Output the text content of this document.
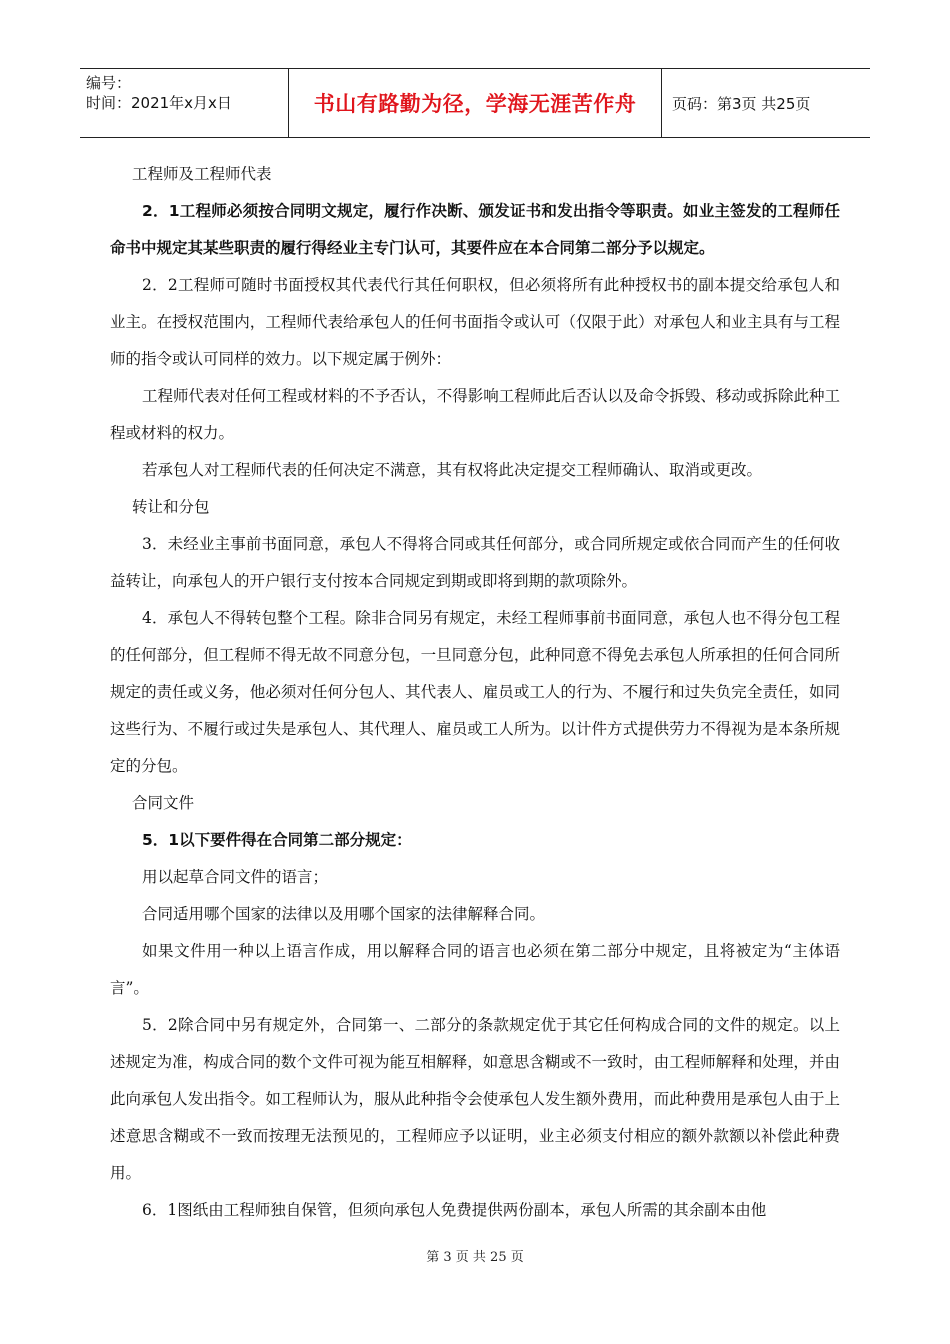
编号：
时间：2021年x月x日	书山有路勤为径，学海无涯苦作舟	页码：第3页 共25页

工程师及工程师代表

2．1工程师必须按合同明文规定，履行作决断、颁发证书和发出指令等职责。如业主签发的工程师任命书中规定其某些职责的履行得经业主专门认可，其要件应在本合同第二部分予以规定。

2．2工程师可随时书面授权其代表代行其任何职权，但必须将所有此种授权书的副本提交给承包人和业主。在授权范围内，工程师代表给承包人的任何书面指令或认可（仅限于此）对承包人和业主具有与工程师的指令或认可同样的效力。以下规定属于例外：

工程师代表对任何工程或材料的不予否认，不得影响工程师此后否认以及命令拆毁、移动或拆除此种工程或材料的权力。

若承包人对工程师代表的任何决定不满意，其有权将此决定提交工程师确认、取消或更改。

转让和分包

3．未经业主事前书面同意，承包人不得将合同或其任何部分，或合同所规定或依合同而产生的任何收益转让，向承包人的开户银行支付按本合同规定到期或即将到期的款项除外。

4．承包人不得转包整个工程。除非合同另有规定，未经工程师事前书面同意，承包人也不得分包工程的任何部分，但工程师不得无故不同意分包，一旦同意分包，此种同意不得免去承包人所承担的任何合同所规定的责任或义务，他必须对任何分包人、其代表人、雇员或工人的行为、不履行和过失负完全责任，如同这些行为、不履行或过失是承包人、其代理人、雇员或工人所为。以计件方式提供劳力不得视为是本条所规定的分包。

合同文件

5．1以下要件得在合同第二部分规定：

用以起草合同文件的语言；

合同适用哪个国家的法律以及用哪个国家的法律解释合同。

如果文件用一种以上语言作成，用以解释合同的语言也必须在第二部分中规定，且将被定为“主体语言”。

5．2除合同中另有规定外，合同第一、二部分的条款规定优于其它任何构成合同的文件的规定。以上述规定为准，构成合同的数个文件可视为能互相解释，如意思含糊或不一致时，由工程师解释和处理，并由此向承包人发出指令。如工程师认为，服从此种指令会使承包人发生额外费用，而此种费用是承包人由于上述意思含糊或不一致而按理无法预见的，工程师应予以证明，业主必须支付相应的额外款额以补偿此种费用。

6．1图纸由工程师独自保管，但须向承包人免费提供两份副本，承包人所需的其余副本由他

第 3 页 共 25 页
